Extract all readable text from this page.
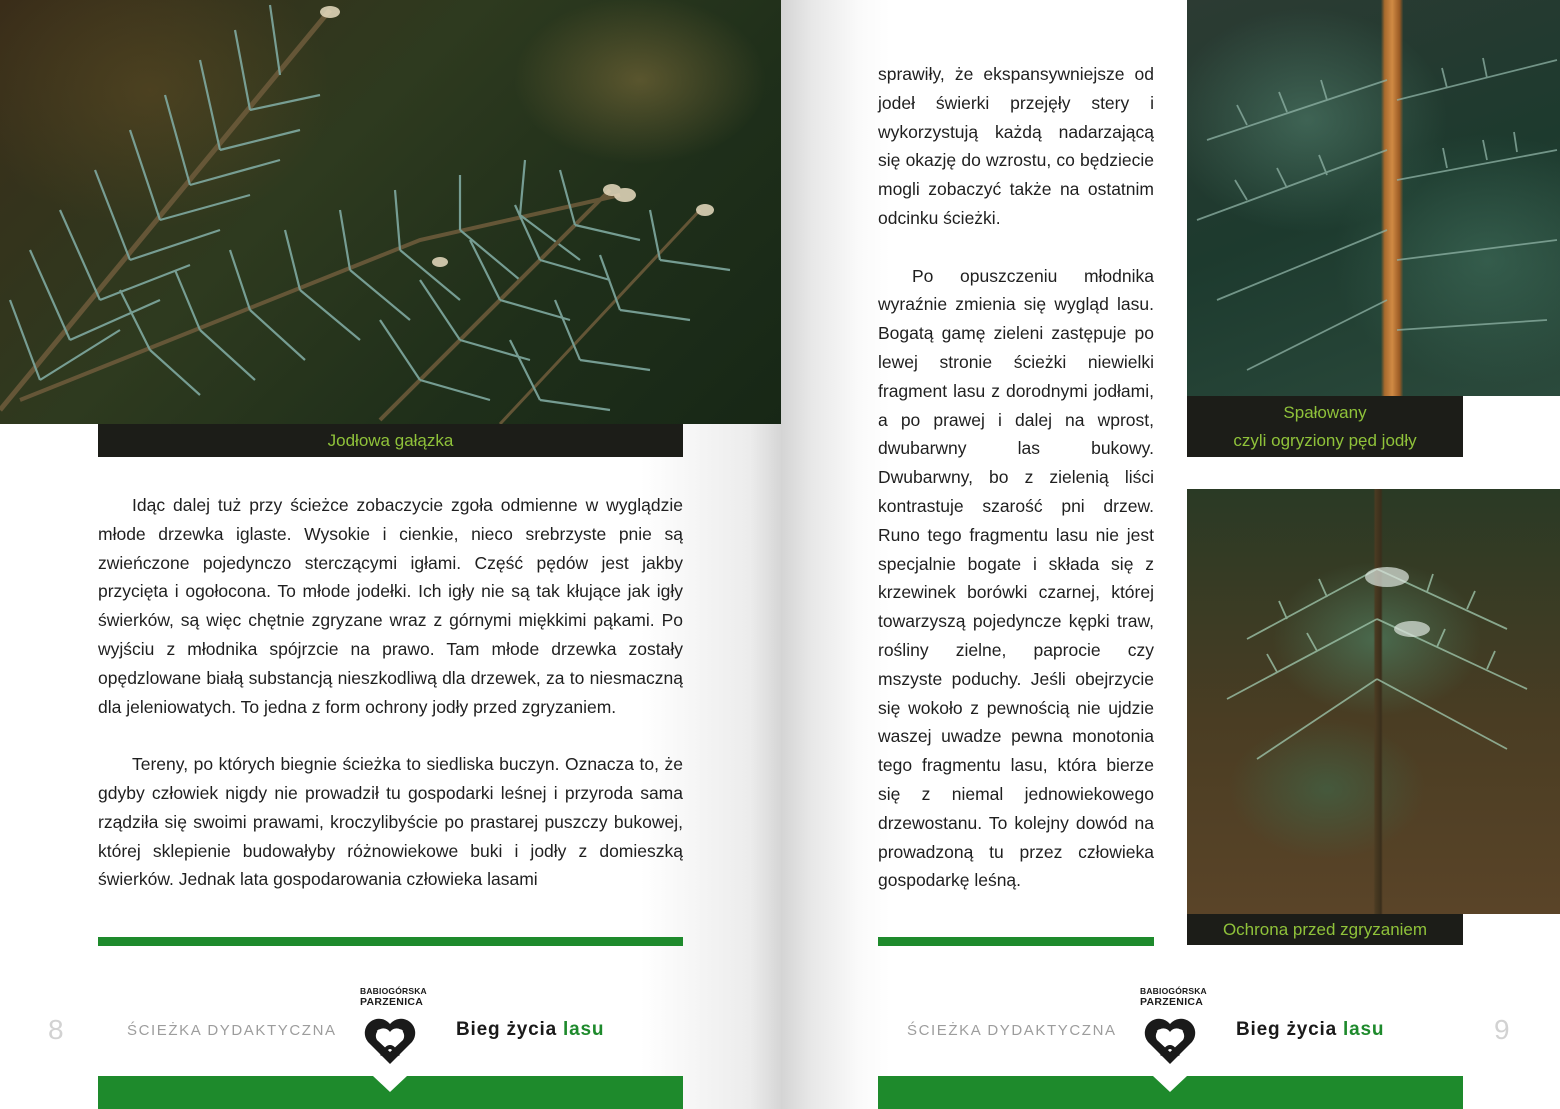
Jodłowa gałązka

Idąc dalej tuż przy ścieżce zobaczycie zgoła odmienne w wyglądzie młode drzewka iglaste. Wysokie i cienkie, nieco srebrzyste pnie są zwieńczone pojedynczo sterczącymi igłami. Część pędów jest jakby przycięta i ogołocona. To młode jodełki. Ich igły nie są tak kłujące jak igły świerków, są więc chętnie zgryzane wraz z górnymi miękkimi pąkami. Po wyjściu z młodnika spójrzcie na prawo. Tam młode drzewka zostały opędzlowane białą substancją nieszkodliwą dla drzewek, za to niesmaczną dla jeleniowatych. To jedna z form ochrony jodły przed zgryzaniem.

Tereny, po których biegnie ścieżka to siedliska buczyn. Oznacza to, że gdyby człowiek nigdy nie prowadził tu gospodarki leśnej i przyroda sama rządziła się swoimi prawami, kroczylibyście po prastarej puszczy bukowej, której sklepienie budowałyby różnowiekowe buki i jodły z domieszką świerków. Jednak lata gospodarowania człowieka lasami

8	ŚCIEŻKA DYDAKTYCZNA
BABIOGÓRSKA
PARZENICA
Bieg życia lasu

sprawiły, że ekspansywniejsze od jodeł świerki przejęły stery i wykorzystują każdą nadarzającą się okazję do wzrostu, co będziecie mogli zobaczyć także na ostatnim odcinku ścieżki.

Po opuszczeniu młodnika wyraźnie zmienia się wygląd lasu. Bogatą gamę zieleni zastępuje po lewej stronie ścieżki niewielki fragment lasu z dorodnymi jodłami, a po prawej i dalej na wprost, dwubarwny las bukowy. Dwubarwny, bo z zielenią liści kontrastuje szarość pni drzew. Runo tego fragmentu lasu nie jest specjalnie bogate i składa się z krzewinek borówki czarnej, której towarzyszą pojedyncze kępki traw, rośliny zielne, paprocie czy mszyste poduchy. Jeśli obejrzycie się wokoło z pewnością nie ujdzie waszej uwadze pewna monotonia tego fragmentu lasu, która bierze się z niemal jednowiekowego drzewostanu. To kolejny dowód na prowadzoną tu przez człowieka gospodarkę leśną.

Spałowany
czyli ogryziony pęd jodły
Ochrona przed zgryzaniem
ŚCIEŻKA DYDAKTYCZNA
BABIOGÓRSKA
PARZENICA
Bieg życia lasu	9
